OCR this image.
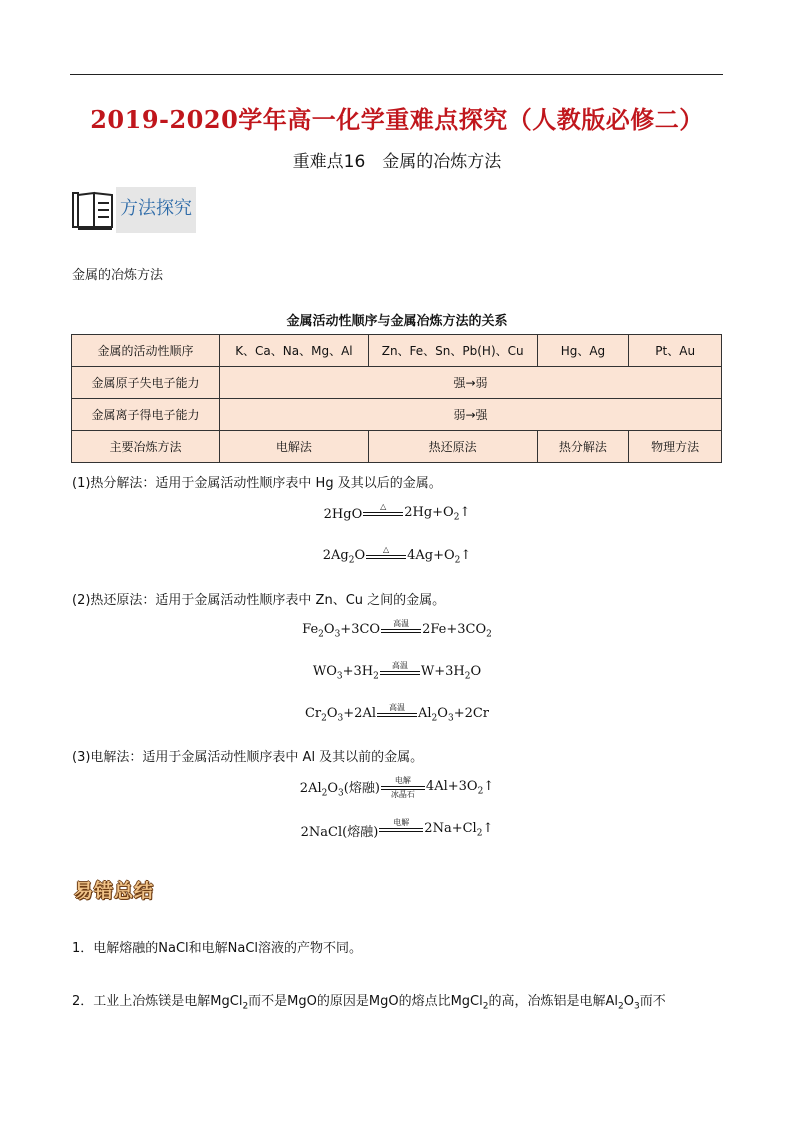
2019-2020学年高一化学重难点探究（人教版必修二）
重难点16　金属的冶炼方法
方法探究
金属的冶炼方法
金属活动性顺序与金属冶炼方法的关系
金属的活动性顺序	K、Ca、Na、Mg、Al	Zn、Fe、Sn、Pb(H)、Cu	Hg、Ag	Pt、Au
金属原子失电子能力	强→弱			
金属离子得电子能力	弱→强			
主要冶炼方法	电解法	热还原法	热分解法	物理方法
(1)热分解法：适用于金属活动性顺序表中 Hg 及其以后的金属。
2HgO △ $2Hg+O_2↑$
$2Ag_2O$ △ $4Ag+O_2↑$
(2)热还原法：适用于金属活动性顺序表中 Zn、Cu 之间的金属。
$Fe_2O_3+3CO$ 高温 $2Fe+3CO_2$
$WO_3+3H_2$
高温 $W+3H_2O$
$Cr_2O_3+2Al$ 高温 $Al_2O_3+2Cr$
(3)电解法：适用于金属活动性顺序表中 Al 及其以前的金属。
$2Al_2O_3$(熔融)
电解
冰晶石
$4Al+3O_2↑$
2NaCl(熔融)
电解 $2Na+Cl_2↑$
易错总结
1．电解熔融的NaCl和电解NaCl溶液的产物不同。
2．工业上冶炼镁是电解MgCl$_2$而不是MgO的原因是MgO的熔点比MgCl$_2$的高，冶炼铝是电解$Al_2O_3$而不
